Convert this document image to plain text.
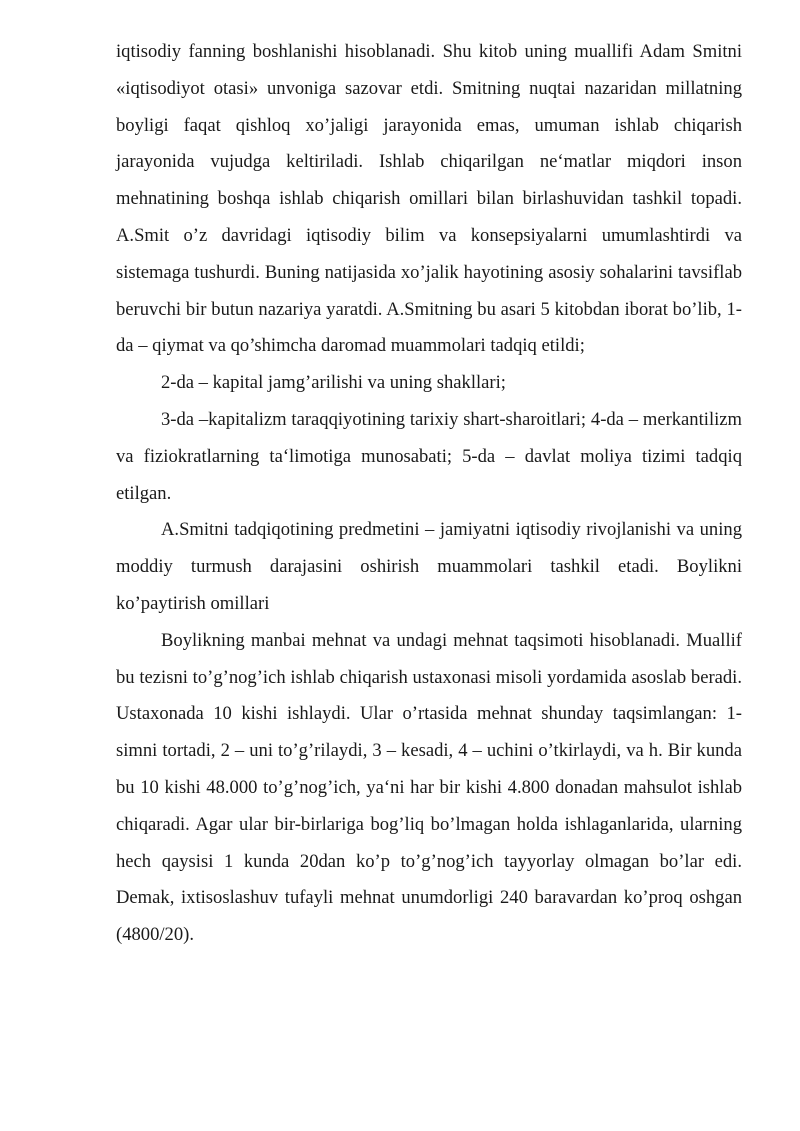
iqtisodiy fanning boshlanishi hisoblanadi. Shu kitob uning muallifi Adam Smitni «iqtisodiyot otasi» unvoniga sazovar etdi. Smitning nuqtai nazaridan millatning boyligi faqat qishloq xo’jaligi jarayonida emas, umuman ishlab chiqarish jarayonida vujudga keltiriladi. Ishlab chiqarilgan ne‘matlar miqdori inson mehnatining boshqa ishlab chiqarish omillari bilan birlashuvidan tashkil topadi. A.Smit o’z davridagi iqtisodiy bilim va konsepsiyalarni umumlashtirdi va sistemaga tushurdi. Buning natijasida xo’jalik hayotining asosiy sohalarini tavsiflab beruvchi bir butun nazariya yaratdi. A.Smitning bu asari 5 kitobdan iborat bo’lib, 1-da – qiymat va qo’shimcha daromad muammolari tadqiq etildi;

2-da – kapital jamg’arilishi va uning shakllari;

3-da –kapitalizm taraqqiyotining tarixiy shart-sharoitlari; 4-da – merkantilizm va fiziokratlarning ta‘limotiga munosabati; 5-da – davlat moliya tizimi tadqiq etilgan.

A.Smitni tadqiqotining predmetini – jamiyatni iqtisodiy rivojlanishi va uning moddiy turmush darajasini oshirish muammolari tashkil etadi. Boylikni ko’paytirish omillari

Boylikning manbai mehnat va undagi mehnat taqsimoti hisoblanadi. Muallif bu tezisni to’g’nog’ich ishlab chiqarish ustaxonasi misoli yordamida asoslab beradi. Ustaxonada 10 kishi ishlaydi. Ular o’rtasida mehnat shunday taqsimlangan: 1- simni tortadi, 2 – uni to’g’rilaydi, 3 – kesadi, 4 – uchini o’tkirlaydi, va h. Bir kunda bu 10 kishi 48.000 to’g’nog’ich, ya‘ni har bir kishi 4.800 donadan mahsulot ishlab chiqaradi. Agar ular bir-birlariga bog’liq bo’lmagan holda ishlaganlarida, ularning hech qaysisi 1 kunda 20dan ko’p to’g’nog’ich tayyorlay olmagan bo’lar edi. Demak, ixtisoslashuv tufayli mehnat unumdorligi 240 baravardan ko’proq oshgan (4800/20).
